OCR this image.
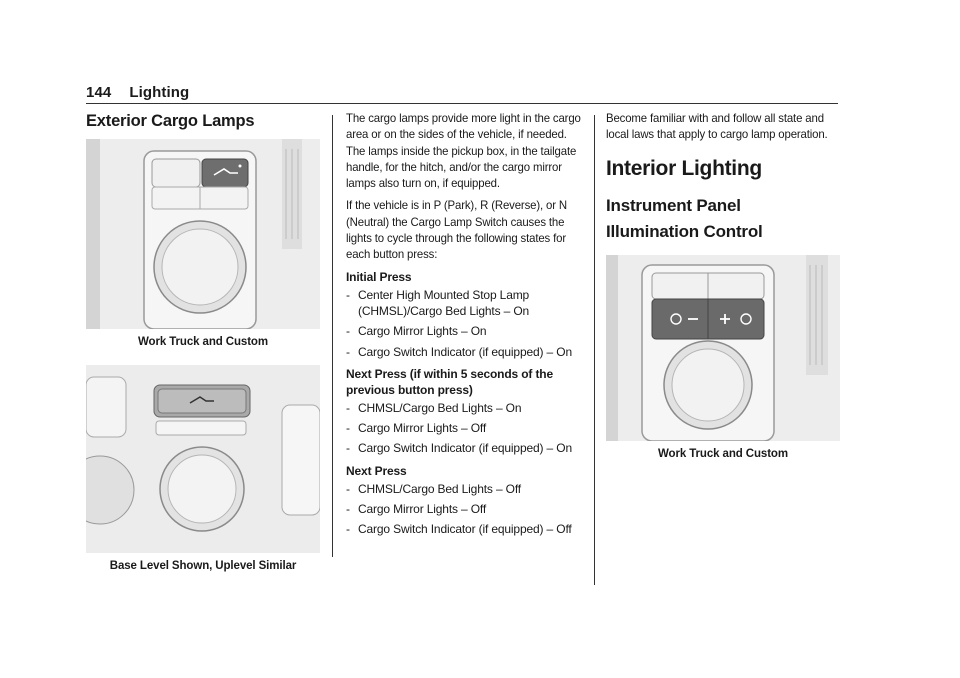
144 Lighting
Exterior Cargo Lamps
Work Truck and Custom
Base Level Shown, Uplevel Similar

The cargo lamps provide more light in the cargo area or on the sides of the vehicle, if needed. The lamps inside the pickup box, in the tailgate handle, for the hitch, and/or the cargo mirror lamps also turn on, if equipped.

If the vehicle is in P (Park), R (Reverse), or N (Neutral) the Cargo Lamp Switch causes the lights to cycle through the following states for each button press:

Initial Press

- Center High Mounted Stop Lamp (CHMSL)/Cargo Bed Lights – On
- Cargo Mirror Lights – On
- Cargo Switch Indicator (if equipped) – On

Next Press (if within 5 seconds of the previous button press)

- CHMSL/Cargo Bed Lights – On
- Cargo Mirror Lights – Off
- Cargo Switch Indicator (if equipped) – On

Next Press

- CHMSL/Cargo Bed Lights – Off
- Cargo Mirror Lights – Off
- Cargo Switch Indicator (if equipped) – Off

Become familiar with and follow all state and local laws that apply to cargo lamp operation.

Interior Lighting
Instrument Panel Illumination Control
Work Truck and Custom
